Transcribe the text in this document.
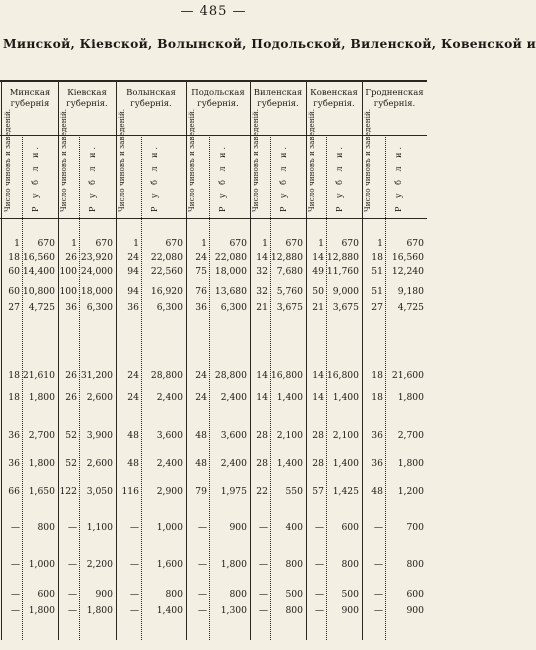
— 485 —
Минской, Кіевской, Волынской, Подольской, Виленской, Ковенской и
Минская губернія
Число чиновъ и заведеній. Р у б л и.
1	670
18 16,560
60 14,400
60 10,800
27 4,725
18 21,610
18 1,800
36 2,700
36 1,800
66 1,650
—	800
— 1,000
—	600
— 1,800
Кіевская губернія.
Число чиновъ и заведеній.	Р у б л и.
1	670
26 23,920
100 24,000
100 18,000
36	6,300
26 31,200
26	2,600
52	3,900
52	2,600
122	3,050
—	1,100
—	2,200
—	900
—	1,800
Волынская губернія.
Число чиновъ и заведеній.	Р у б л и.
1	670
24	22,080
94	22,560
94	16,920
36	6,300
24	28,800
24	2,400
48	3,600
48	2,400
116	2,900
—	1,000
—	1,600
—	800
—	1,400
Подольская губернія.
Число чиновъ и заведеній.	Р у б л и.
1	670
24 22,080
75 18,000
76 13,680
36	6,300
24 28,800
24	2,400
48	3,600
48	2,400
79	1,975
—	900
—	1,800
—	800
—	1,300
Виленская губернія.
Число чиновъ и заведеній. Р у б л и.
1	670
14 12,880
32 7,680
32 5,760
21 3,675
14 16,800
14 1,400
28 2,100
28 1,400
22	550
—	400
—	800
—	500
—	800
Ковенская губернія.
Число чиновъ и заведеній. Р у б л и.
1	670
14 12,880
49 11,760
50 9,000
21 3,675
14 16,800
14 1,400
28 2,100
28 1,400
57 1,425
—	600
—	800
—	500
—	900
Гродненская губернія.
Число чиновъ и заведеній.	Р у б л и.
1	670
18 16,560
51 12,240
51	9,180
27	4,725
18 21,600
18	1,800
36	2,700
36	1,800
48	1,200
—	700
—	800
—	600
—	900
